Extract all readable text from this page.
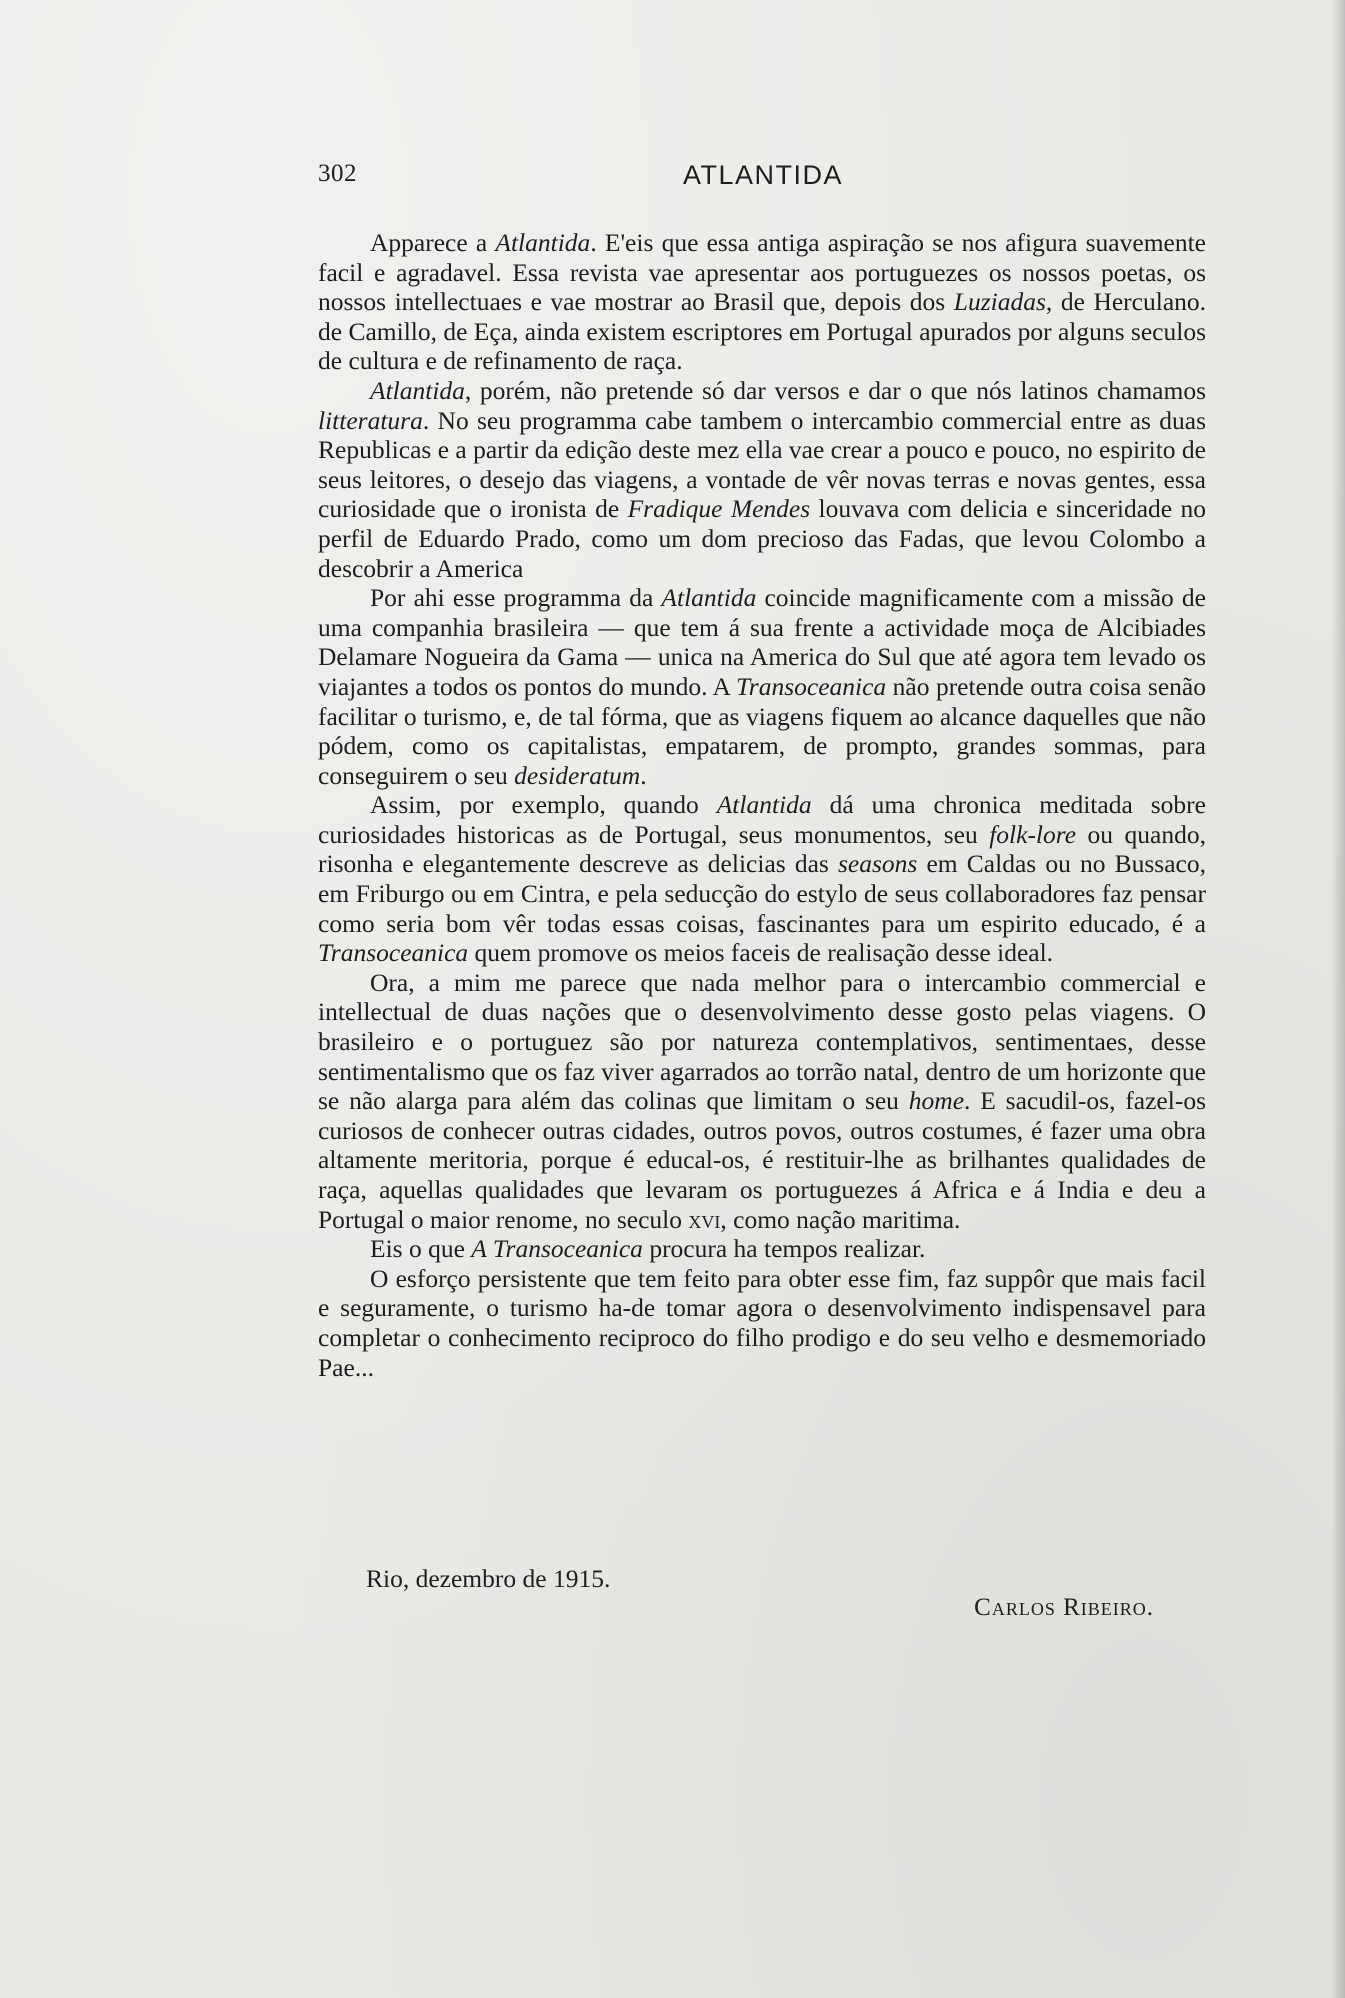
302	ATLANTIDA

Apparece a Atlantida. E'eis que essa antiga aspiração se nos afigura suavemente facil e agradavel. Essa revista vae apresentar aos portuguezes os nossos poetas, os nossos intellectuaes e vae mostrar ao Brasil que, depois dos Luziadas, de Herculano. de Camillo, de Eça, ainda existem escriptores em Portugal apurados por alguns seculos de cultura e de refinamento de raça.

Atlantida, porém, não pretende só dar versos e dar o que nós latinos chamamos litteratura. No seu programma cabe tambem o intercambio commercial entre as duas Republicas e a partir da edição deste mez ella vae crear a pouco e pouco, no espirito de seus leitores, o desejo das viagens, a vontade de vêr novas terras e novas gentes, essa curiosidade que o ironista de Fradique Mendes louvava com delicia e sinceridade no perfil de Eduardo Prado, como um dom precioso das Fadas, que levou Colombo a descobrir a America

Por ahi esse programma da Atlantida coincide magnificamente com a missão de uma companhia brasileira — que tem á sua frente a actividade moça de Alcibiades Delamare Nogueira da Gama — unica na America do Sul que até agora tem levado os viajantes a todos os pontos do mundo. A Transoceanica não pretende outra coisa senão facilitar o turismo, e, de tal fórma, que as viagens fiquem ao alcance daquelles que não pódem, como os capitalistas, empatarem, de prompto, grandes sommas, para conseguirem o seu desideratum.

Assim, por exemplo, quando Atlantida dá uma chronica meditada sobre curiosidades historicas as de Portugal, seus monumentos, seu folk-lore ou quando, risonha e elegantemente descreve as delicias das seasons em Caldas ou no Bussaco, em Friburgo ou em Cintra, e pela seducção do estylo de seus collaboradores faz pensar como seria bom vêr todas essas coisas, fascinantes para um espirito educado, é a Transoceanica quem promove os meios faceis de realisação desse ideal.

Ora, a mim me parece que nada melhor para o intercambio commercial e intellectual de duas nações que o desenvolvimento desse gosto pelas viagens. O brasileiro e o portuguez são por natureza contemplativos, sentimentaes, desse sentimentalismo que os faz viver agarrados ao torrão natal, dentro de um horizonte que se não alarga para além das colinas que limitam o seu home. E sacudil-os, fazel-os curiosos de conhecer outras cidades, outros povos, outros costumes, é fazer uma obra altamente meritoria, porque é educal-os, é restituir-lhe as brilhantes qualidades de raça, aquellas qualidades que levaram os portuguezes á Africa e á India e deu a Portugal o maior renome, no seculo xvi, como nação maritima.

Eis o que A Transoceanica procura ha tempos realizar.

O esforço persistente que tem feito para obter esse fim, faz suppôr que mais facil e seguramente, o turismo ha-de tomar agora o desenvolvimento indispensavel para completar o conhecimento reciproco do filho prodigo e do seu velho e desmemoriado Pae...

Rio, dezembro de 1915.
Carlos Ribeiro.
